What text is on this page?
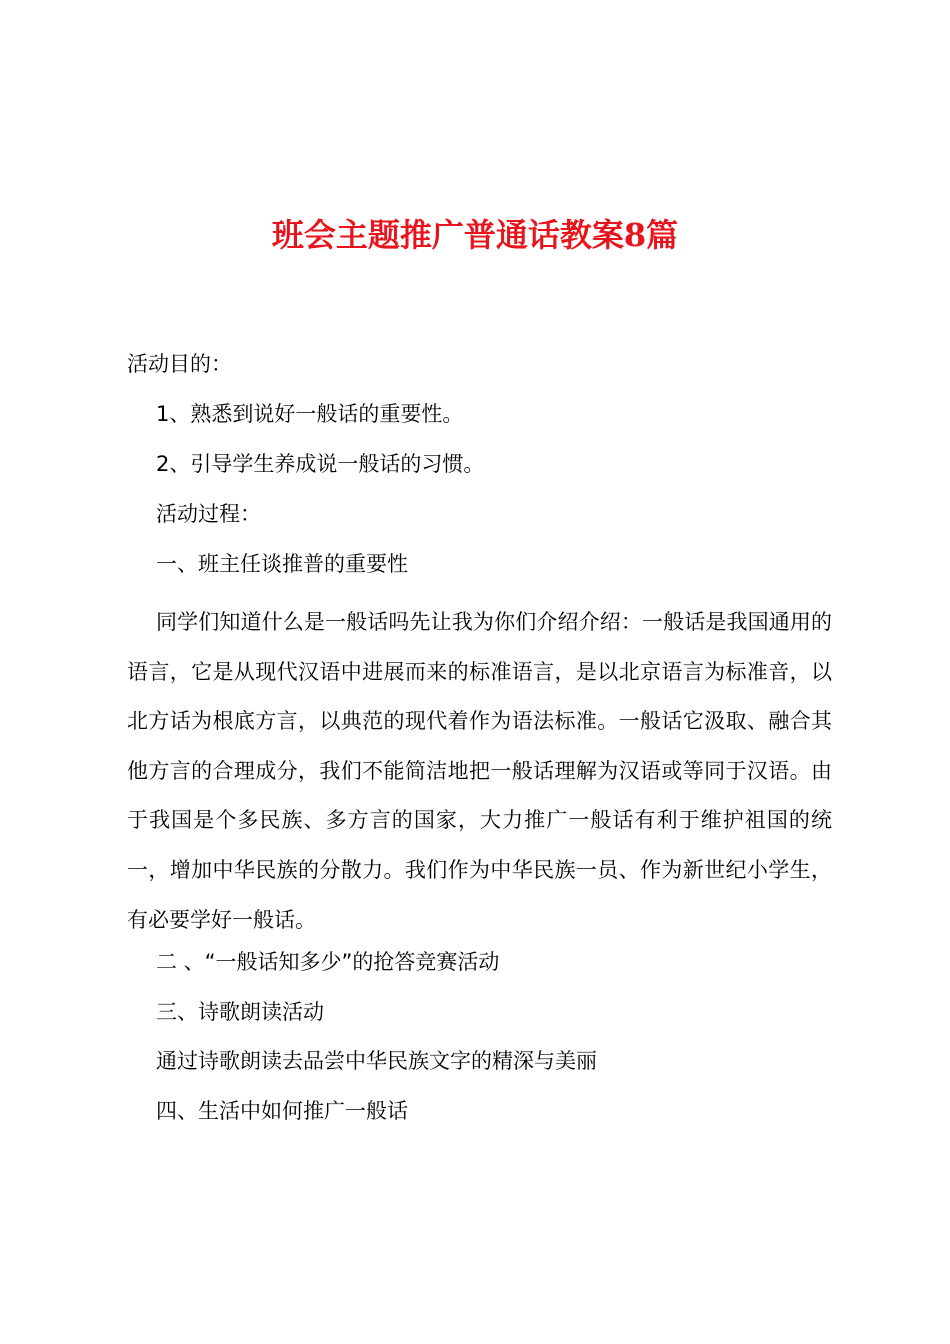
班会主题推广普通话教案8篇
活动目的：
1、熟悉到说好一般话的重要性。
2、引导学生养成说一般话的习惯。
活动过程：
一、班主任谈推普的重要性
同学们知道什么是一般话吗先让我为你们介绍介绍：一般话是我国通用的语言，它是从现代汉语中进展而来的标准语言，是以北京语言为标准音，以北方话为根底方言，以典范的现代着作为语法标准。一般话它汲取、融合其他方言的合理成分，我们不能简洁地把一般话理解为汉语或等同于汉语。由于我国是个多民族、多方言的国家，大力推广一般话有利于维护祖国的统一，增加中华民族的分散力。我们作为中华民族一员、作为新世纪小学生，有必要学好一般话。
二 、“一般话知多少”的抢答竞赛活动
三、诗歌朗读活动
通过诗歌朗读去品尝中华民族文字的精深与美丽
四、生活中如何推广一般话
